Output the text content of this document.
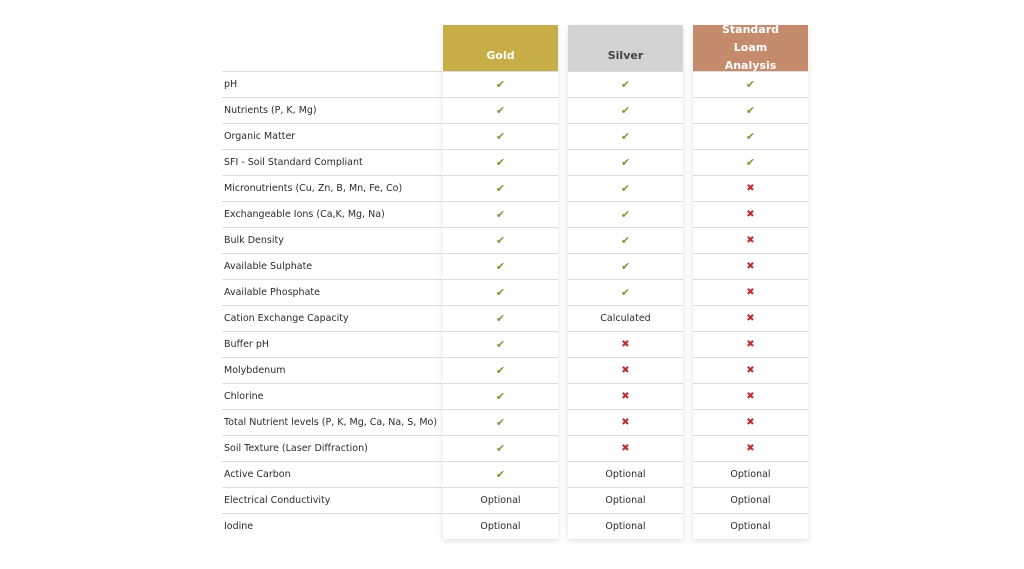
pH
Nutrients (P, K, Mg)
Organic Matter
SFI - Soil Standard Compliant
Micronutrients (Cu, Zn, B, Mn, Fe, Co)
Exchangeable Ions (Ca,K, Mg, Na)
Bulk Density
Available Sulphate
Available Phosphate
Cation Exchange Capacity
Buffer pH
Molybdenum
Chlorine
Total Nutrient levels (P, K, Mg, Ca, Na, S, Mo)
Soil Texture (Laser Diffraction)
Active Carbon
Electrical Conductivity
Iodine
Gold
✔
✔
✔
✔
✔
✔
✔
✔
✔
✔
✔
✔
✔
✔
✔
✔
Optional
Optional
Silver
✔
✔
✔
✔
✔
✔
✔
✔
✔
Calculated
✖
✖
✖
✖
✖
Optional
Optional
Optional
Standard Loam Analysis
✔
✔
✔
✔
✖
✖
✖
✖
✖
✖
✖
✖
✖
✖
✖
Optional
Optional
Optional
